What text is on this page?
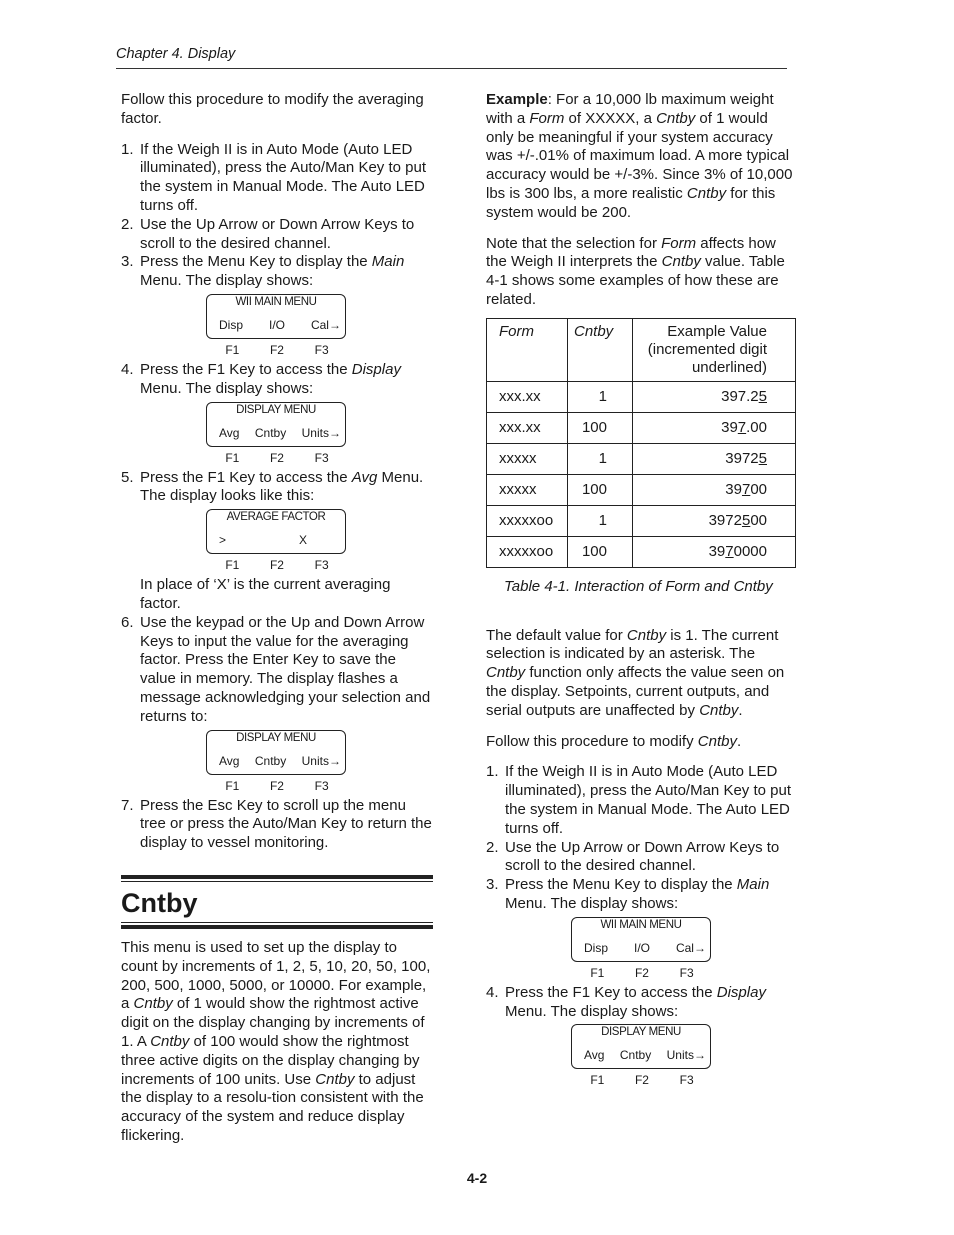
Chapter 4. Display

Follow this procedure to modify the averaging factor.

1. If the Weigh II is in Auto Mode (Auto LED illuminated), press the Auto/Man Key to put the system in Manual Mode. The Auto LED turns off.
2. Use the Up Arrow or Down Arrow Keys to scroll to the desired channel.
3. Press the Menu Key to display the Main Menu. The display shows:
WII MAIN MENU
Disp I/O Cal→
F1	F2	F3
4. Press the F1 Key to access the Display Menu. The display shows:
DISPLAY MENU
Avg Cntby Units→
F1	F2	F3
5. Press the F1 Key to access the Avg Menu. The display looks like this:
AVERAGE FACTOR
>	X
F1	F2	F3

In place of ‘X’ is the current averaging factor.

6. Use the keypad or the Up and Down Arrow Keys to input the value for the averaging factor. Press the Enter Key to save the value in memory. The display flashes a message acknowledging your selection and returns to:
DISPLAY MENU
Avg Cntby Units→
F1	F2	F3
7. Press the Esc Key to scroll up the menu tree or press the Auto/Man Key to return the display to vessel monitoring.
Cntby

This menu is used to set up the display to count by increments of 1, 2, 5, 10, 20, 50, 100, 200, 500, 1000, 5000, or 10000. For example, a Cntby of 1 would show the rightmost active digit on the display changing by increments of 1. A Cntby of 100 would show the rightmost three active digits on the display changing by increments of 100 units. Use Cntby to adjust the display to a resolu-tion consistent with the accuracy of the system and reduce display flickering.

Example: For a 10,000 lb maximum weight with a Form of XXXXX, a Cntby of 1 would only be meaningful if your system accuracy was +/-.01% of maximum load. A more typical accuracy would be +/-3%. Since 3% of 10,000 lbs is 300 lbs, a more realistic Cntby for this system would be 200.

Note that the selection for Form affects how the Weigh II interprets the Cntby value. Table 4-1 shows some examples of how these are related.

Form	Cntby	Example Value (incremented digit underlined)
xxx.xx	1	397.25
xxx.xx	100	397.00
xxxxx	1	39725
xxxxx	100	39700
xxxxxoo	1	3972500
xxxxxoo	100	3970000

Table 4-1. Interaction of Form and Cntby

The default value for Cntby is 1. The current selection is indicated by an asterisk. The Cntby function only affects the value seen on the display. Setpoints, current outputs, and serial outputs are unaffected by Cntby.

Follow this procedure to modify Cntby.

1. If the Weigh II is in Auto Mode (Auto LED illuminated), press the Auto/Man Key to put the system in Manual Mode. The Auto LED turns off.
2. Use the Up Arrow or Down Arrow Keys to scroll to the desired channel.
3. Press the Menu Key to display the Main Menu. The display shows:
WII MAIN MENU
Disp I/O Cal→
F1	F2	F3
4. Press the F1 Key to access the Display Menu. The display shows:
DISPLAY MENU
Avg Cntby Units→
F1	F2	F3
4-2
